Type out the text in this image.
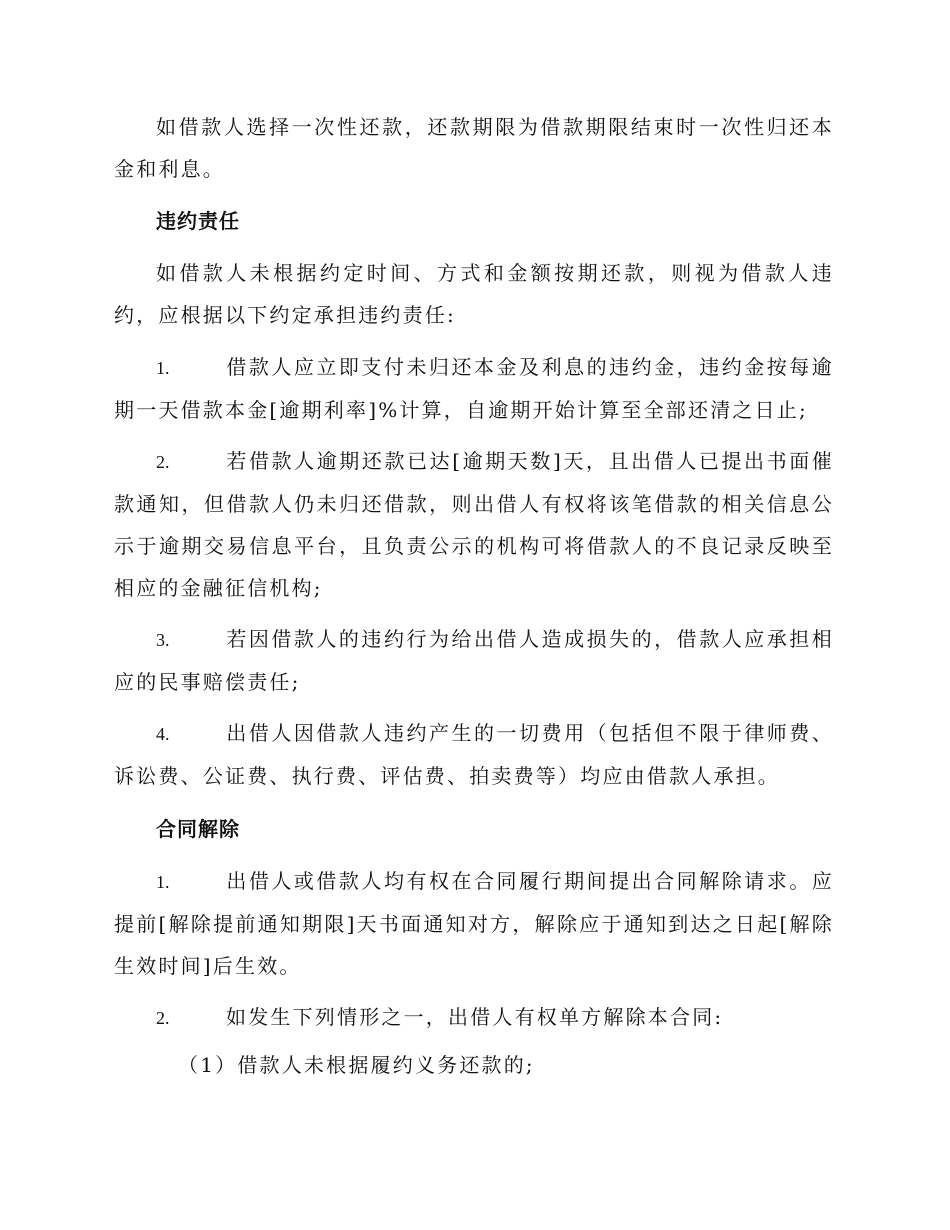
如借款人选择一次性还款，还款期限为借款期限结束时一次性归还本金和利息。

违约责任

如借款人未根据约定时间、方式和金额按期还款，则视为借款人违约，应根据以下约定承担违约责任:

1.	借款人应立即支付未归还本金及利息的违约金，违约金按每逾期一天借款本金[逾期利率]%计算，自逾期开始计算至全部还清之日止;

2.	若借款人逾期还款已达[逾期天数]天，且出借人已提出书面催款通知，但借款人仍未归还借款，则出借人有权将该笔借款的相关信息公示于逾期交易信息平台，且负责公示的机构可将借款人的不良记录反映至相应的金融征信机构;

3.	若因借款人的违约行为给出借人造成损失的，借款人应承担相应的民事赔偿责任;

4.	出借人因借款人违约产生的一切费用（包括但不限于律师费、诉讼费、公证费、执行费、评估费、拍卖费等）均应由借款人承担。

合同解除

1.	出借人或借款人均有权在合同履行期间提出合同解除请求。应提前[解除提前通知期限]天书面通知对方，解除应于通知到达之日起[解除生效时间]后生效。

2.	如发生下列情形之一，出借人有权单方解除本合同:

（1）借款人未根据履约义务还款的;
